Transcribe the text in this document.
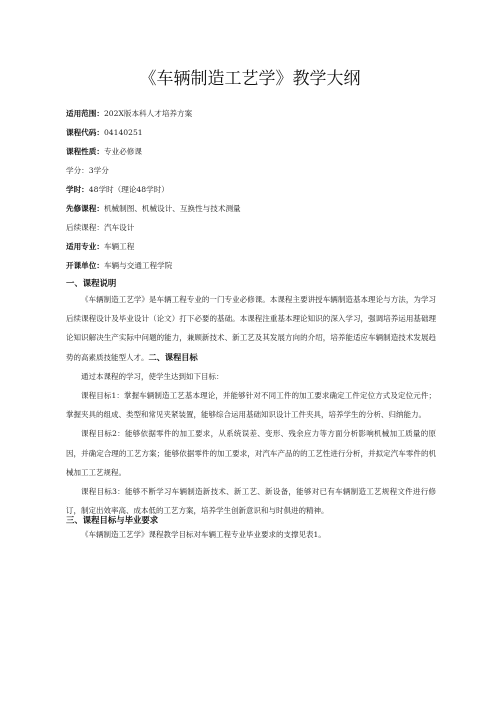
《车辆制造工艺学》教学大纲
适用范围：202X版本科人才培养方案
课程代码：04140251
课程性质：专业必修课
学分：3学分
学时：48学时（理论48学时）
先修课程：机械制图、机械设计、互换性与技术测量
后续课程：汽车设计
适用专业：车辆工程
开课单位：车辆与交通工程学院
一、课程说明

《车辆制造工艺学》是车辆工程专业的一门专业必修课。本课程主要讲授车辆制造基本理论与方法，为学习后续课程设计及毕业设计（论文）打下必要的基础。本课程注重基本理论知识的深入学习，强调培养运用基础理论知识解决生产实际中问题的能力，兼顾新技术、新工艺及其发展方向的介绍，培养能适应车辆制造技术发展趋势的高素质技能型人才。二、课程目标

通过本课程的学习，使学生达到如下目标：

课程目标1：掌握车辆制造工艺基本理论，并能够针对不同工件的加工要求确定工件定位方式及定位元件；掌握夹具的组成、类型和常见夹紧装置，能够综合运用基础知识设计工件夹具，培养学生的分析、归纳能力。

课程目标2：能够依据零件的加工要求，从系统误差、变形、残余应力等方面分析影响机械加工质量的原因，并确定合理的工艺方案；能够依据零件的加工要求，对汽车产品的的工艺性进行分析，并拟定汽车零件的机械加工工艺规程。

课程目标3：能够不断学习车辆制造新技术、新工艺、新设备，能够对已有车辆制造工艺规程文件进行修订，制定出效率高、成本低的工艺方案，培养学生创新意识和与时俱进的精神。

三、课程目标与毕业要求

《车辆制造工艺学》课程教学目标对车辆工程专业毕业要求的支撑见表1。
